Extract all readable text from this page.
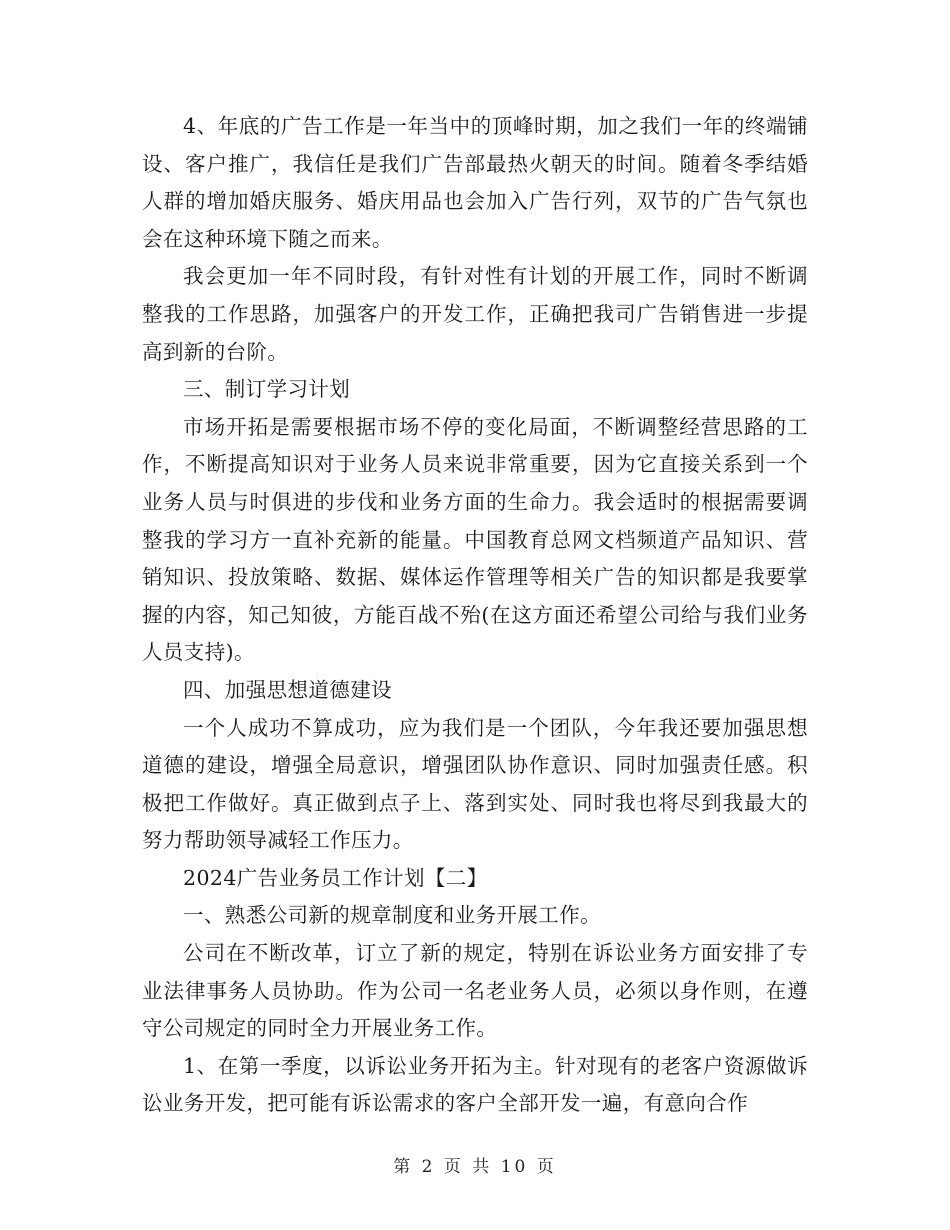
4、年底的广告工作是一年当中的顶峰时期，加之我们一年的终端铺设、客户推广，我信任是我们广告部最热火朝天的时间。随着冬季结婚人群的增加婚庆服务、婚庆用品也会加入广告行列，双节的广告气氛也会在这种环境下随之而来。

我会更加一年不同时段，有针对性有计划的开展工作，同时不断调整我的工作思路，加强客户的开发工作，正确把我司广告销售进一步提高到新的台阶。

三、制订学习计划

市场开拓是需要根据市场不停的变化局面，不断调整经营思路的工作，不断提高知识对于业务人员来说非常重要，因为它直接关系到一个业务人员与时俱进的步伐和业务方面的生命力。我会适时的根据需要调整我的学习方一直补充新的能量。中国教育总网文档频道产品知识、营销知识、投放策略、数据、媒体运作管理等相关广告的知识都是我要掌握的内容，知己知彼，方能百战不殆(在这方面还希望公司给与我们业务人员支持)。

四、加强思想道德建设

一个人成功不算成功，应为我们是一个团队，今年我还要加强思想道德的建设，增强全局意识，增强团队协作意识、同时加强责任感。积极把工作做好。真正做到点子上、落到实处、同时我也将尽到我最大的努力帮助领导减轻工作压力。

2024广告业务员工作计划【二】

一、熟悉公司新的规章制度和业务开展工作。

公司在不断改革，订立了新的规定，特别在诉讼业务方面安排了专业法律事务人员协助。作为公司一名老业务人员，必须以身作则，在遵守公司规定的同时全力开展业务工作。

1、在第一季度，以诉讼业务开拓为主。针对现有的老客户资源做诉讼业务开发，把可能有诉讼需求的客户全部开发一遍，有意向合作

第 2 页 共 10 页
